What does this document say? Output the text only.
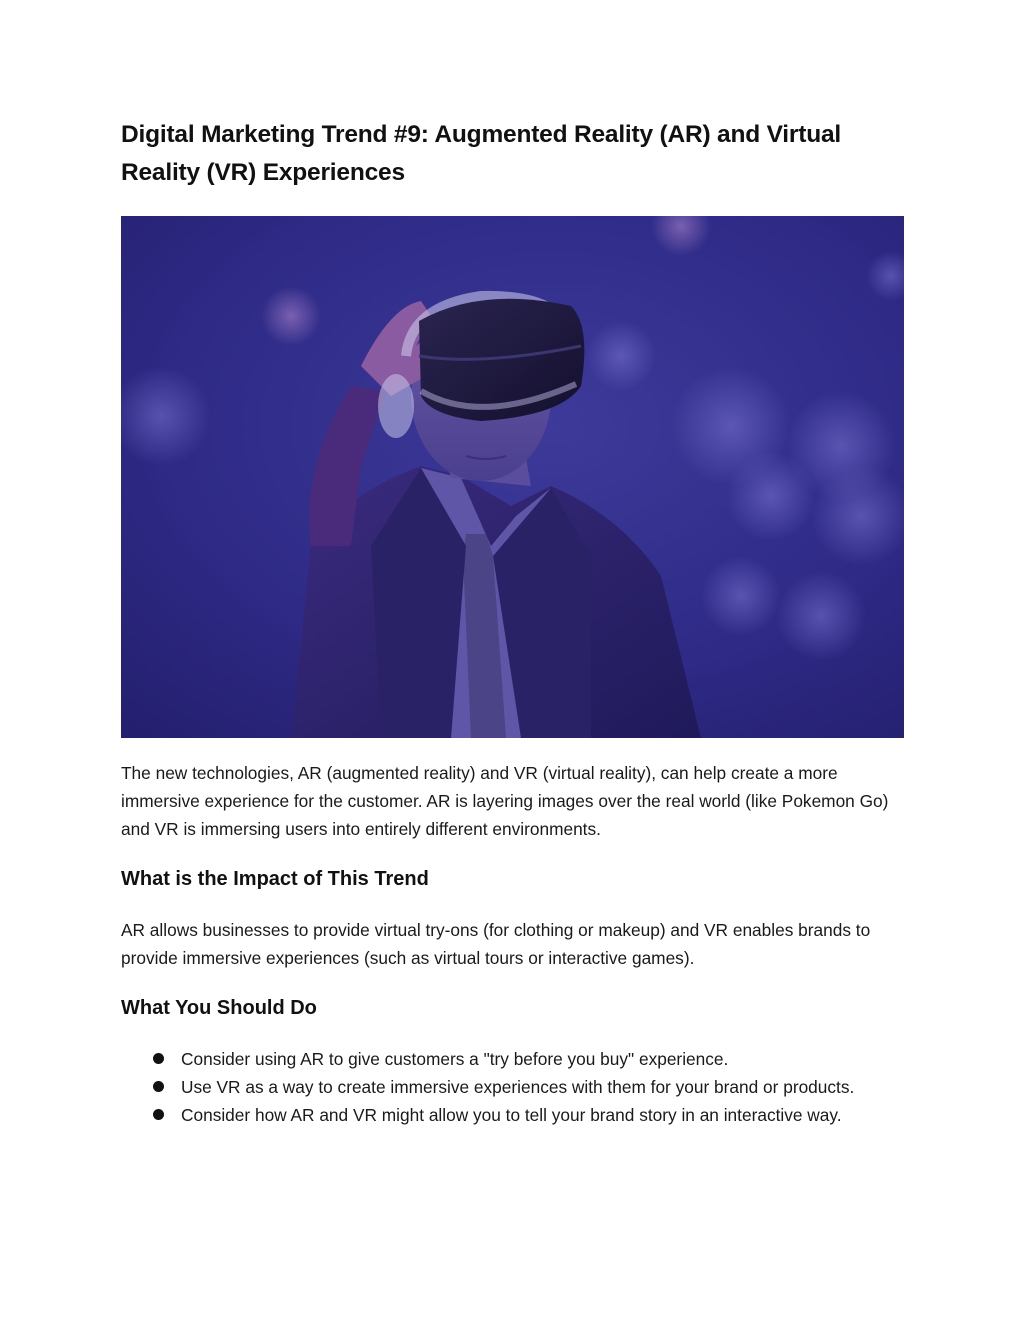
Digital Marketing Trend #9: Augmented Reality (AR) and Virtual Reality (VR) Experiences

The new technologies, AR (augmented reality) and VR (virtual reality), can help create a more immersive experience for the customer. AR is layering images over the real world (like Pokemon Go) and VR is immersing users into entirely different environments.

What is the Impact of This Trend

AR allows businesses to provide virtual try-ons (for clothing or makeup) and VR enables brands to provide immersive experiences (such as virtual tours or interactive games).

What You Should Do
Consider using AR to give customers a "try before you buy" experience.
Use VR as a way to create immersive experiences with them for your brand or products.
Consider how AR and VR might allow you to tell your brand story in an interactive way.
